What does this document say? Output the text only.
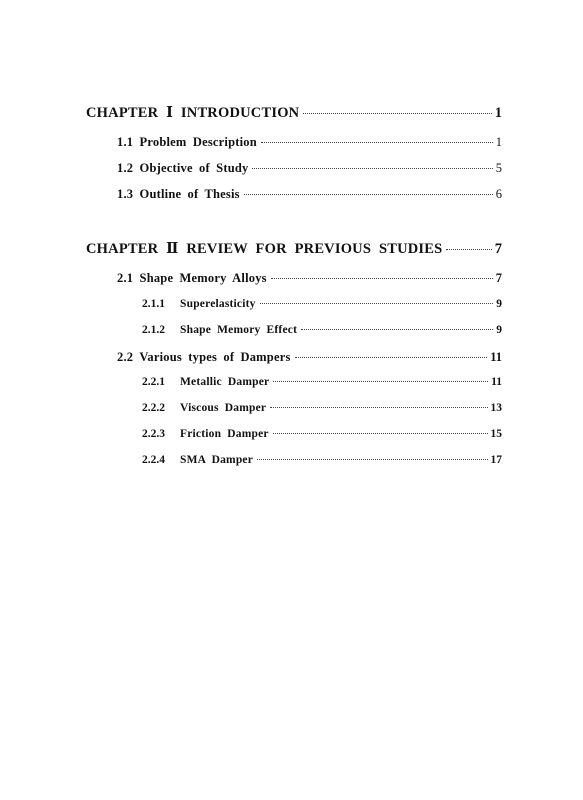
CHAPTER Ⅰ INTRODUCTION	1
1.1 Problem Description	1
1.2 Objective of Study	5
1.3 Outline of Thesis	6
CHAPTER Ⅱ REVIEW FOR PREVIOUS STUDIES	7
2.1 Shape Memory Alloys	7
2.1.1	Superelasticity	9
2.1.2	Shape Memory Effect	9
2.2 Various types of Dampers	11
2.2.1	Metallic Damper	11
2.2.2	Viscous Damper	13
2.2.3	Friction Damper	15
2.2.4	SMA Damper	17
